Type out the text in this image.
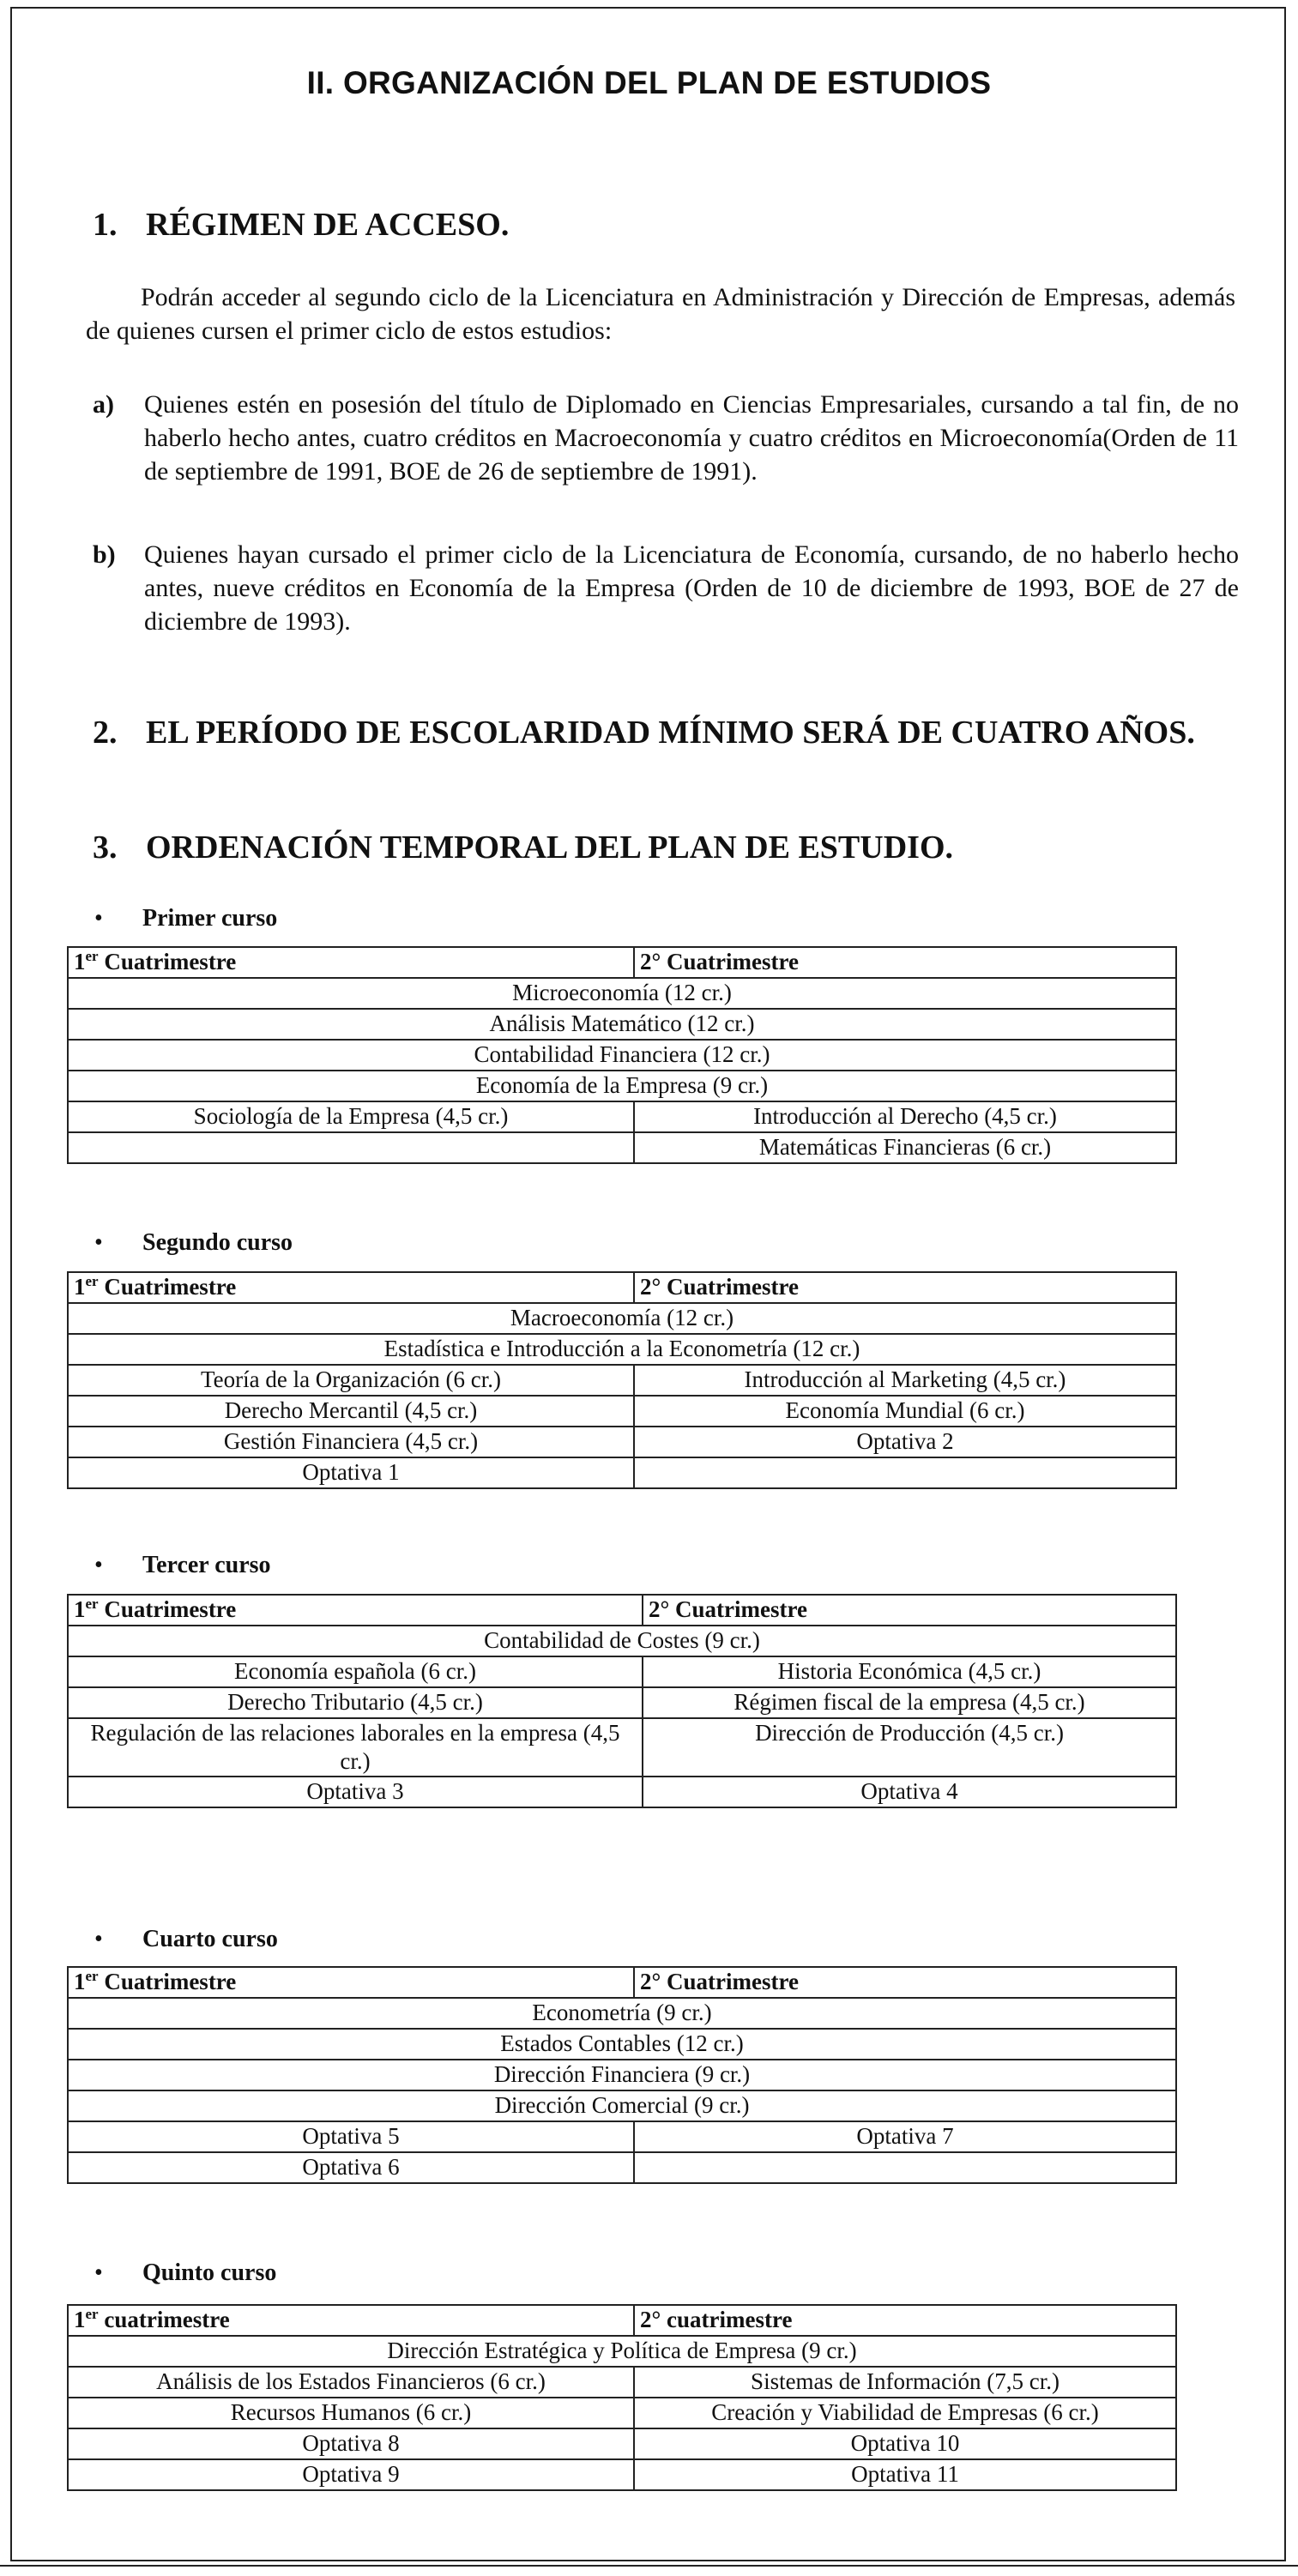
II. ORGANIZACIÓN DEL PLAN DE ESTUDIOS
1. RÉGIMEN DE ACCESO.

Podrán acceder al segundo ciclo de la Licenciatura en Administración y Dirección de Empresas, además de quienes cursen el primer ciclo de estos estudios:

a) Quienes estén en posesión del título de Diplomado en Ciencias Empresariales, cursando a tal fin, de no haberlo hecho antes, cuatro créditos en Macroeconomía y cuatro créditos en Microeconomía(Orden de 11 de septiembre de 1991, BOE de 26 de septiembre de 1991).
b) Quienes hayan cursado el primer ciclo de la Licenciatura de Economía, cursando, de no haberlo hecho antes, nueve créditos en Economía de la Empresa (Orden de 10 de diciembre de 1993, BOE de 27 de diciembre de 1993).
2. EL PERÍODO DE ESCOLARIDAD MÍNIMO SERÁ DE CUATRO AÑOS.
3. ORDENACIÓN TEMPORAL DEL PLAN DE ESTUDIO.
• Primer curso
1er Cuatrimestre	2° Cuatrimestre
Microeconomía (12 cr.)	
Análisis Matemático (12 cr.)	
Contabilidad Financiera (12 cr.)	
Economía de la Empresa (9 cr.)	
Sociología de la Empresa (4,5 cr.)	Introducción al Derecho (4,5 cr.)
	Matemáticas Financieras (6 cr.)
• Segundo curso
1er Cuatrimestre	2° Cuatrimestre
Macroeconomía (12 cr.)	
Estadística e Introducción a la Econometría (12 cr.)	
Teoría de la Organización (6 cr.)	Introducción al Marketing (4,5 cr.)
Derecho Mercantil (4,5 cr.)	Economía Mundial (6 cr.)
Gestión Financiera (4,5 cr.)	Optativa 2
Optativa 1	
• Tercer curso
1er Cuatrimestre	2° Cuatrimestre
Contabilidad de Costes (9 cr.)	
Economía española (6 cr.)	Historia Económica (4,5 cr.)
Derecho Tributario (4,5 cr.)	Régimen fiscal de la empresa (4,5 cr.)
Regulación de las relaciones laborales en la empresa (4,5 cr.)	Dirección de Producción (4,5 cr.)
Optativa 3	Optativa 4
• Cuarto curso
1er Cuatrimestre	2° Cuatrimestre
Econometría (9 cr.)	
Estados Contables (12 cr.)	
Dirección Financiera (9 cr.)	
Dirección Comercial (9 cr.)	
Optativa 5	Optativa 7
Optativa 6	
• Quinto curso
1er cuatrimestre	2° cuatrimestre
Dirección Estratégica y Política de Empresa (9 cr.)	
Análisis de los Estados Financieros (6 cr.)	Sistemas de Información (7,5 cr.)
Recursos Humanos (6 cr.)	Creación y Viabilidad de Empresas (6 cr.)
Optativa 8	Optativa 10
Optativa 9	Optativa 11
